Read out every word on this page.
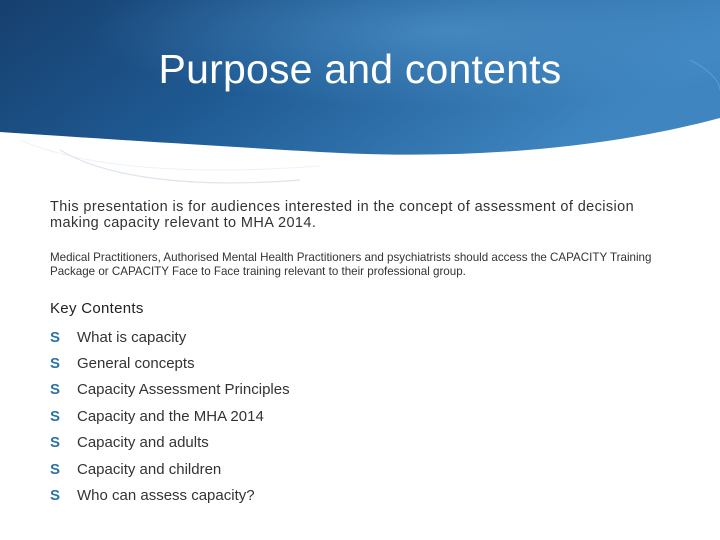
Purpose and contents
This presentation is for audiences interested in the concept of assessment of decision making capacity relevant to MHA 2014.
Medical Practitioners, Authorised Mental Health Practitioners and psychiatrists should access the CAPACITY Training Package or CAPACITY Face to Face training relevant to their professional group.
Key Contents
S	What is capacity
S	General concepts
S	Capacity Assessment Principles
S	Capacity and the MHA 2014
S	Capacity and adults
S	Capacity and children
S	Who can assess capacity?
